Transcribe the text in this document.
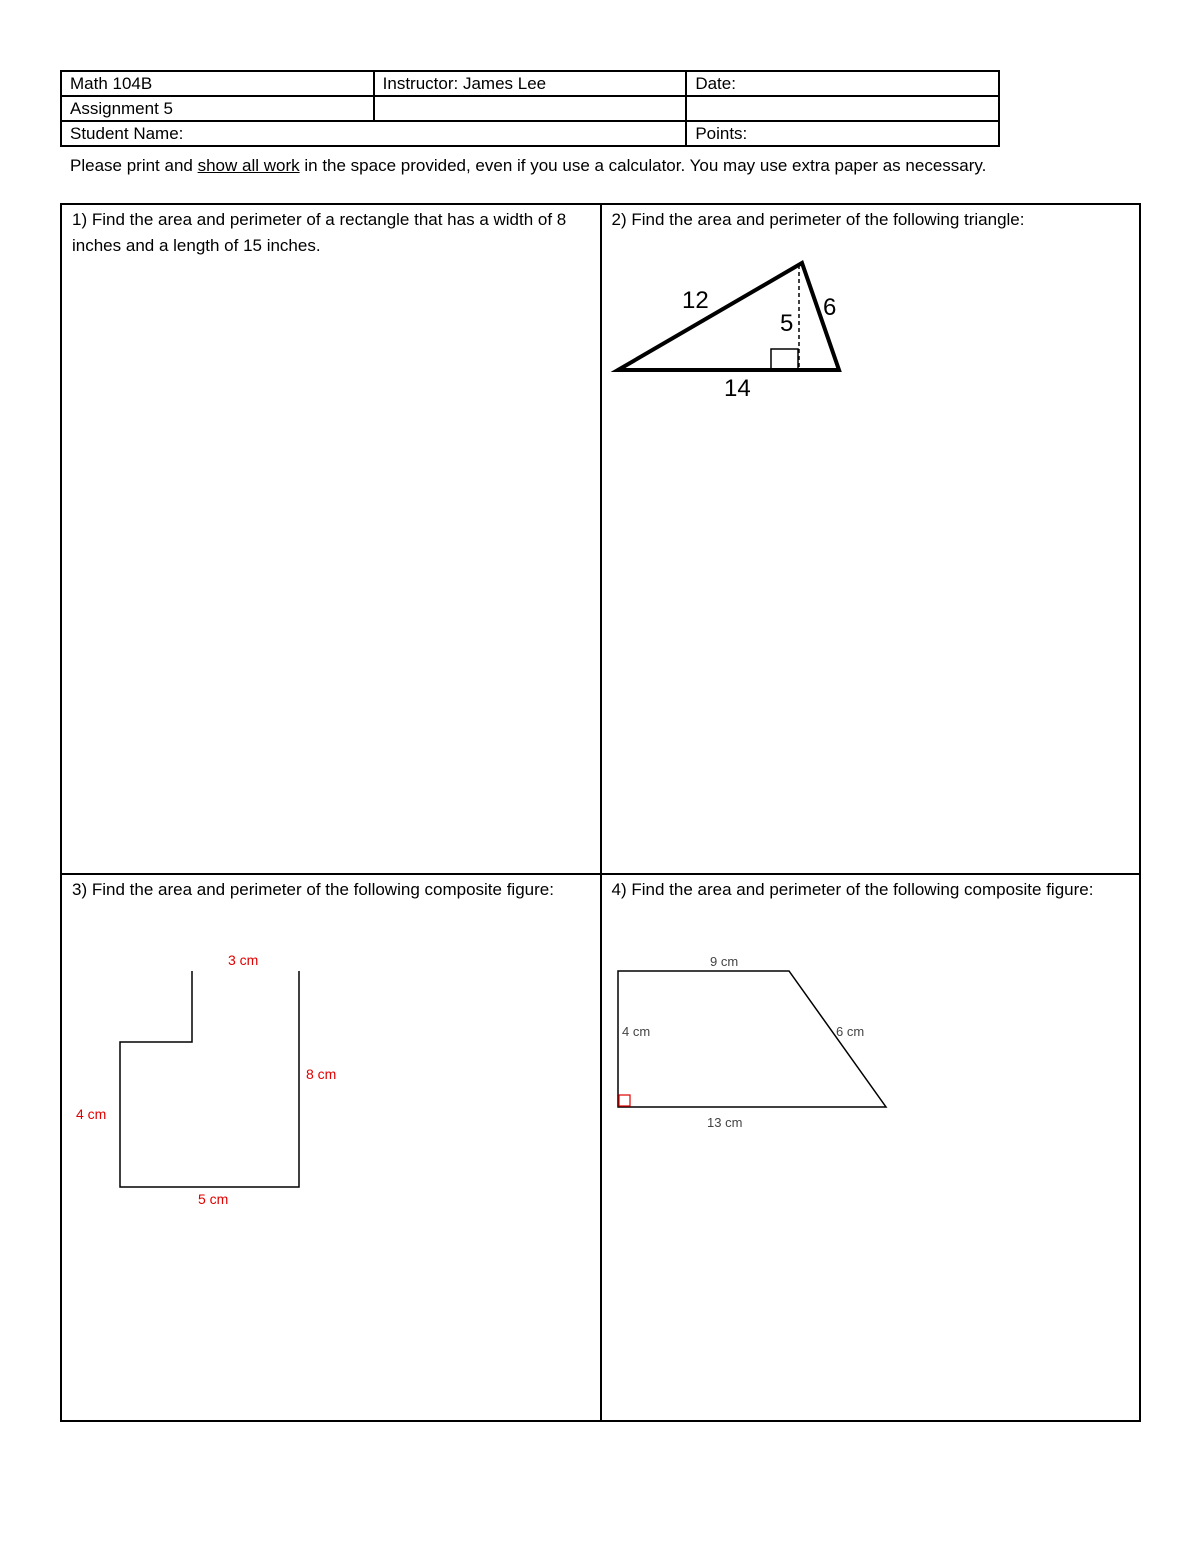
Math 104B	Instructor: James Lee	Date:
Assignment 5		
Student Name:		Points:
Please print and show all work in the space provided, even if you use a calculator. You may use extra paper as necessary.
1) Find the area and perimeter of a rectangle that has a width of 8 inches and a length of 15 inches.	2) Find the area and perimeter of the following triangle:
12 6
5
14

3) Find the area and perimeter of the following composite figure:
3 cm
8 cm
4 cm
5 cm	4) Find the area and perimeter of the following composite figure:
9 cm
4 cm 6 cm
13 cm
